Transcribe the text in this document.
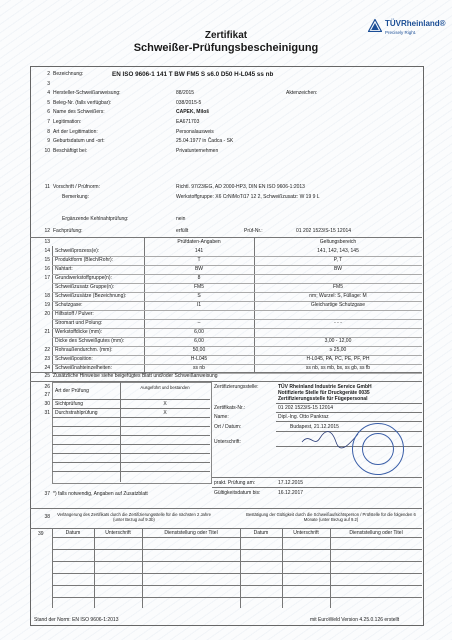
Zertifikat
Schweißer-Prüfungsbescheinigung
TÜVRheinland®
Precisely Right.
2 Bezeichnung:	EN ISO 9606-1 141 T BW FM5 S s6.0 D50 H-L045 ss nb
3
4 Hersteller-Schweißanweisung:	88/2015	Aktenzeichen:
5 Beleg-Nr. (falls verfügbar):	038/2015-5
6 Name des Schweißers:	CAPEK, Miloš
7 Legitimation:	EA671703
8 Art der Legitimation:	Personalausweis
9 Geburtsdatum und -ort:	25.04.1977 in Čadca - SK
10 Beschäftigt bei:	Privatunternehmen
11 Vorschrift / Prüfnorm:	Richtl. 97/23/EG, AD 2000-HP3, DIN EN ISO 9606-1:2013
Bemerkung:	Werkstoffgruppe: X6 CrNiMoTi17 12 2, Schweißzusatz: W 19 9 L
Ergänzende Kehlnahtprüfung:	nein
12 Fachprüfung:	erfüllt	Prüf-Nr.:	01 202 1523/S-15 12014
13	Prüfdaten-Angaben	Geltungsbereich
14 Schweißprozess(e):	141	141, 142, 143, 145
15 Produktform (Blech/Rohr):	T	P, T
16 Nahtart:	BW	BW
17 Grundwerkstoffgruppe(n):	8
Schweißzusatz Gruppe(n):	FM5	FM5
18 Schweißzusätze (Bezeichnung):	S	nm; Wurzel: S, Füllage: M
19 Schutzgase:	I1	Gleichartige Schutzgase
20 Hilfsstoff / Pulver:
Stromart und Polung:	–	- - -
21 Werkstoffdicke (mm):	6,00
Dicke des Schweißgutes (mm):	6,00	3,00 - 12,00
22 Rohraußendurchm. (mm):	50,00	≥ 25,00
23 Schweißposition:	H-L045	H-L045, PA, PC, PE, PF, PH
24 Schweißnahteinzelheiten:	ss nb	ss nb, ss mb, bs, ss gb, ss fb
25 Zusätzliche Hinweise siehe beigefügtes Blatt und/oder Schweißanweisung
26
27
30
31
Art der Prüfung
Ausgeführt und bestanden
Sichtprüfung	X
Durchstrahlprüfung	X
Zertifizierungsstelle:	TÜV Rheinland Industrie Service GmbH
Notifizierte Stelle für Druckgeräte 0035
Zertifizierungsstelle für Fügepersonal
Zertifikats-Nr.:	01 202 1523/S-15 12014
Name:	Dipl.-Ing. Otto Pankraz
Ort / Datum:	Budapest, 21.12.2015
Unterschrift:
prakt. Prüfung am:	17.12.2015
Gültigkeitsdatum bis:	16.12.2017
37 *) falls notwendig, Angaben auf Zusatzblatt
38 Verlängerung des Zertifikats durch die Zertifizierungsstelle für die nächsten 2 Jahre (unter Bezug auf 9.3b)
Bestätigung der Gültigkeit durch die Schweißaufsichtsperson / Prüfstelle für die folgenden 6 Monate (unter Bezug auf 9.2)
39	Datum	Unterschrift	Dienststellung oder Titel	Datum	Unterschrift	Dienststellung oder Titel
Stand der Norm: EN ISO 9606-1:2013	mit EuroWeld Version 4.25.0.126 erstellt
